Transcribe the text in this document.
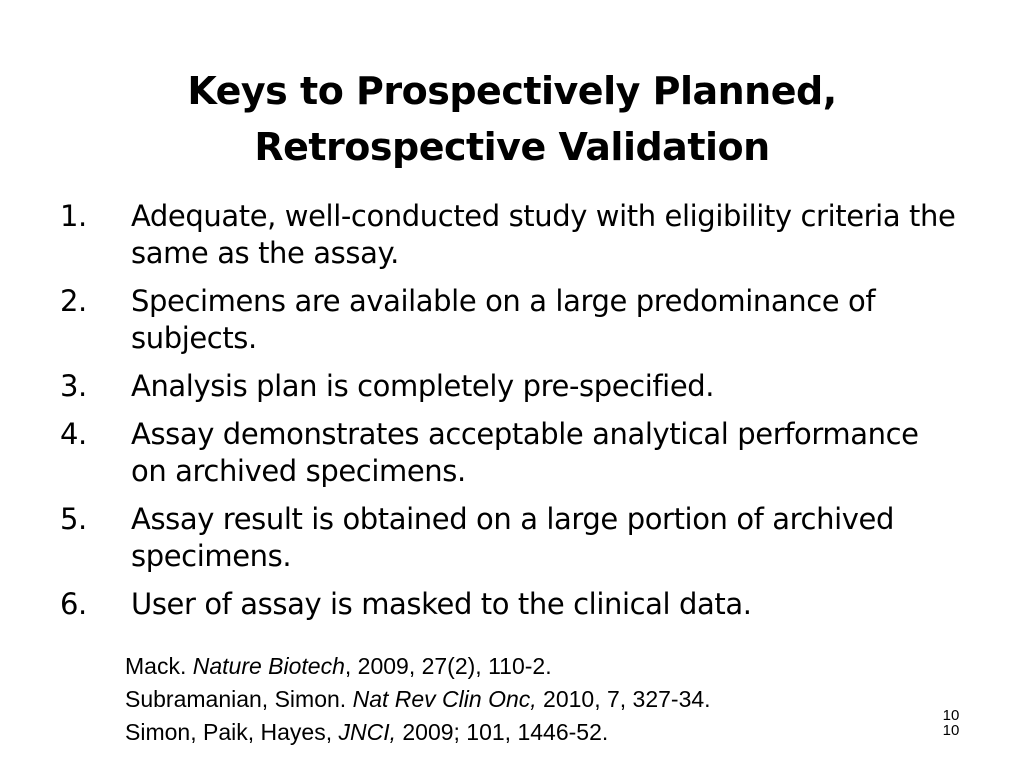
Keys to Prospectively Planned,
Retrospective Validation
1. Adequate, well-conducted study with eligibility criteria the same as the assay.
2. Specimens are available on a large predominance of subjects.
3. Analysis plan is completely pre-specified.
4. Assay demonstrates acceptable analytical performance on archived specimens.
5. Assay result is obtained on a large portion of archived specimens.
6. User of assay is masked to the clinical data.
Mack. Nature Biotech, 2009, 27(2), 110-2.
Subramanian, Simon. Nat Rev Clin Onc, 2010, 7, 327-34.
Simon, Paik, Hayes, JNCI, 2009; 101, 1446-52.
10
10
